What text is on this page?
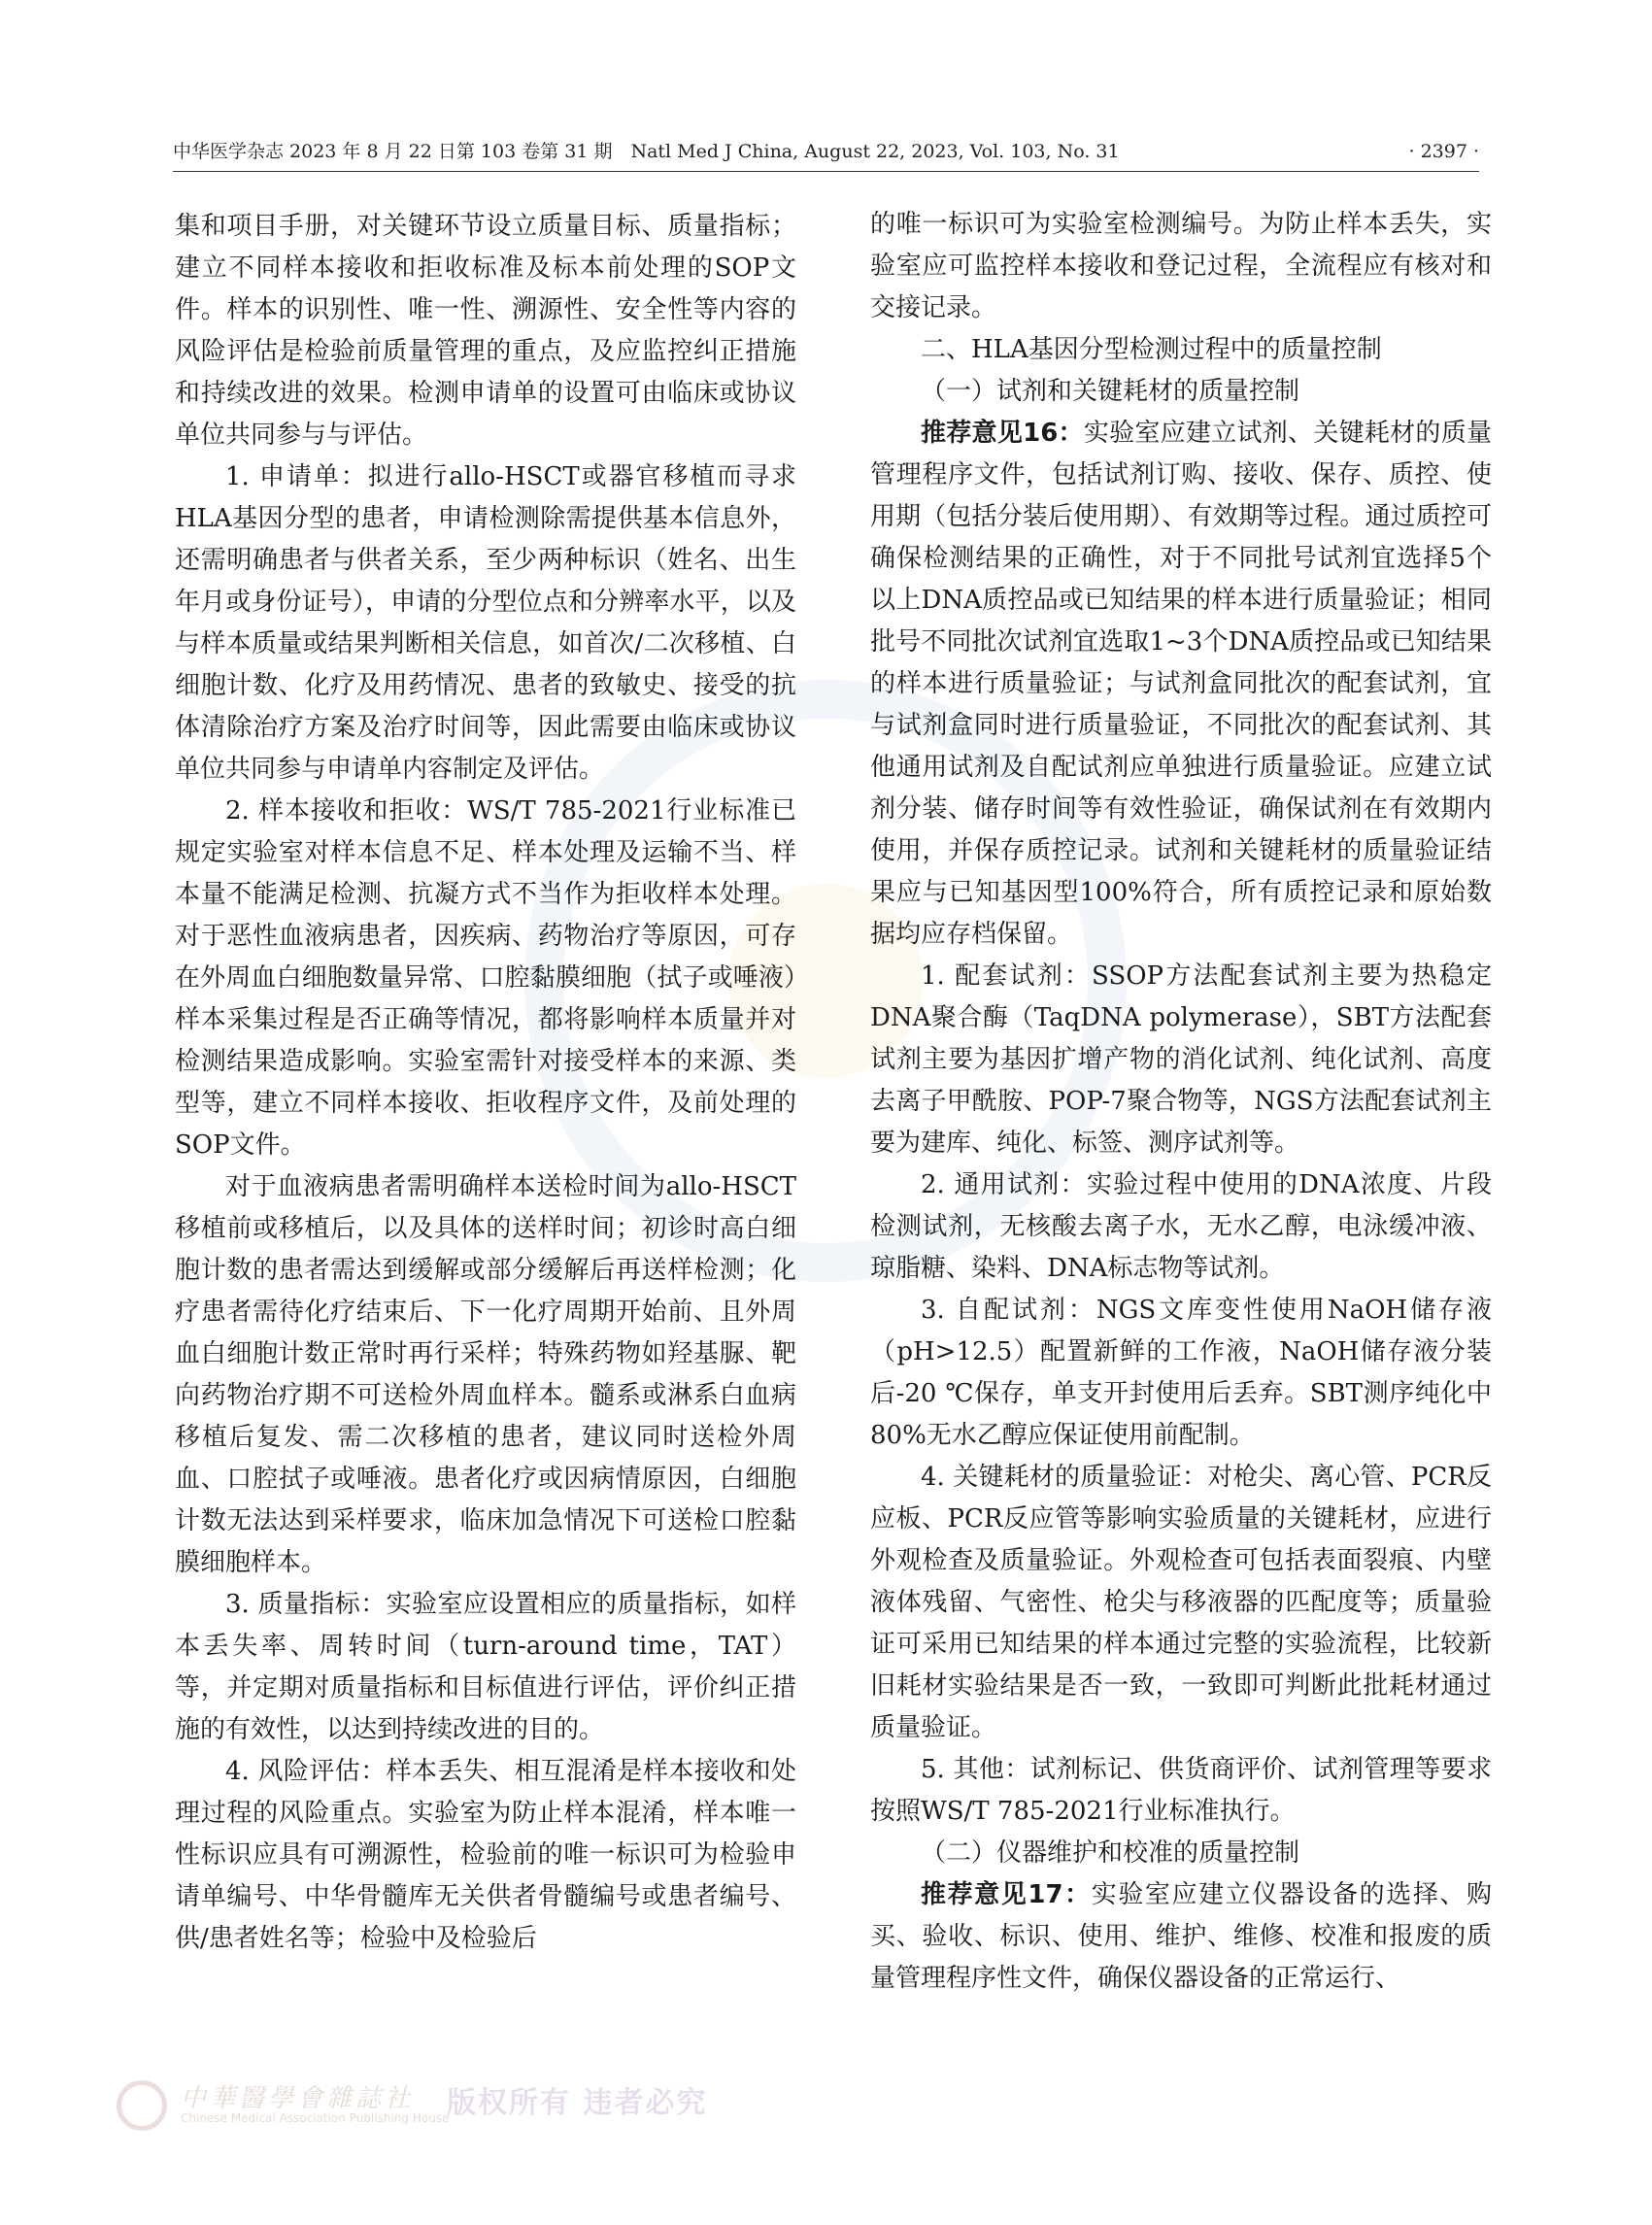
中华医学杂志 2023 年 8 月 22 日第 103 卷第 31 期　Natl Med J China, August 22, 2023, Vol. 103, No. 31	· 2397 ·

集和项目手册，对关键环节设立质量目标、质量指标；建立不同样本接收和拒收标准及标本前处理的SOP文件。样本的识别性、唯一性、溯源性、安全性等内容的风险评估是检验前质量管理的重点，及应监控纠正措施和持续改进的效果。检测申请单的设置可由临床或协议单位共同参与与评估。

1. 申请单：拟进行allo-HSCT或器官移植而寻求HLA基因分型的患者，申请检测除需提供基本信息外，还需明确患者与供者关系，至少两种标识（姓名、出生年月或身份证号），申请的分型位点和分辨率水平，以及与样本质量或结果判断相关信息，如首次/二次移植、白细胞计数、化疗及用药情况、患者的致敏史、接受的抗体清除治疗方案及治疗时间等，因此需要由临床或协议单位共同参与申请单内容制定及评估。

2. 样本接收和拒收：WS/T 785-2021行业标准已规定实验室对样本信息不足、样本处理及运输不当、样本量不能满足检测、抗凝方式不当作为拒收样本处理。对于恶性血液病患者，因疾病、药物治疗等原因，可存在外周血白细胞数量异常、口腔黏膜细胞（拭子或唾液）样本采集过程是否正确等情况，都将影响样本质量并对检测结果造成影响。实验室需针对接受样本的来源、类型等，建立不同样本接收、拒收程序文件，及前处理的SOP文件。

对于血液病患者需明确样本送检时间为allo-HSCT移植前或移植后，以及具体的送样时间；初诊时高白细胞计数的患者需达到缓解或部分缓解后再送样检测；化疗患者需待化疗结束后、下一化疗周期开始前、且外周血白细胞计数正常时再行采样；特殊药物如羟基脲、靶向药物治疗期不可送检外周血样本。髓系或淋系白血病移植后复发、需二次移植的患者，建议同时送检外周血、口腔拭子或唾液。患者化疗或因病情原因，白细胞计数无法达到采样要求，临床加急情况下可送检口腔黏膜细胞样本。

3. 质量指标：实验室应设置相应的质量指标，如样本丢失率、周转时间（turn-around time，TAT）等，并定期对质量指标和目标值进行评估，评价纠正措施的有效性，以达到持续改进的目的。

4. 风险评估：样本丢失、相互混淆是样本接收和处理过程的风险重点。实验室为防止样本混淆，样本唯一性标识应具有可溯源性，检验前的唯一标识可为检验申请单编号、中华骨髓库无关供者骨髓编号或患者编号、供/患者姓名等；检验中及检验后

的唯一标识可为实验室检测编号。为防止样本丢失，实验室应可监控样本接收和登记过程，全流程应有核对和交接记录。

二、HLA基因分型检测过程中的质量控制

（一）试剂和关键耗材的质量控制

推荐意见16：实验室应建立试剂、关键耗材的质量管理程序文件，包括试剂订购、接收、保存、质控、使用期（包括分装后使用期）、有效期等过程。通过质控可确保检测结果的正确性，对于不同批号试剂宜选择5个以上DNA质控品或已知结果的样本进行质量验证；相同批号不同批次试剂宜选取1~3个DNA质控品或已知结果的样本进行质量验证；与试剂盒同批次的配套试剂，宜与试剂盒同时进行质量验证，不同批次的配套试剂、其他通用试剂及自配试剂应单独进行质量验证。应建立试剂分装、储存时间等有效性验证，确保试剂在有效期内使用，并保存质控记录。试剂和关键耗材的质量验证结果应与已知基因型100%符合，所有质控记录和原始数据均应存档保留。

1. 配套试剂：SSOP方法配套试剂主要为热稳定DNA聚合酶（TaqDNA polymerase），SBT方法配套试剂主要为基因扩增产物的消化试剂、纯化试剂、高度去离子甲酰胺、POP-7聚合物等，NGS方法配套试剂主要为建库、纯化、标签、测序试剂等。

2. 通用试剂：实验过程中使用的DNA浓度、片段检测试剂，无核酸去离子水，无水乙醇，电泳缓冲液、琼脂糖、染料、DNA标志物等试剂。

3. 自配试剂：NGS文库变性使用NaOH储存液（pH>12.5）配置新鲜的工作液，NaOH储存液分装后-20 ℃保存，单支开封使用后丢弃。SBT测序纯化中80%无水乙醇应保证使用前配制。

4. 关键耗材的质量验证：对枪尖、离心管、PCR反应板、PCR反应管等影响实验质量的关键耗材，应进行外观检查及质量验证。外观检查可包括表面裂痕、内壁液体残留、气密性、枪尖与移液器的匹配度等；质量验证可采用已知结果的样本通过完整的实验流程，比较新旧耗材实验结果是否一致，一致即可判断此批耗材通过质量验证。

5. 其他：试剂标记、供货商评价、试剂管理等要求按照WS/T 785-2021行业标准执行。

（二）仪器维护和校准的质量控制

推荐意见17：实验室应建立仪器设备的选择、购买、验收、标识、使用、维护、维修、校准和报废的质量管理程序性文件，确保仪器设备的正常运行、

中華醫學會雜誌社
Chinese Medical Association Publishing House
版权所有 违者必究
